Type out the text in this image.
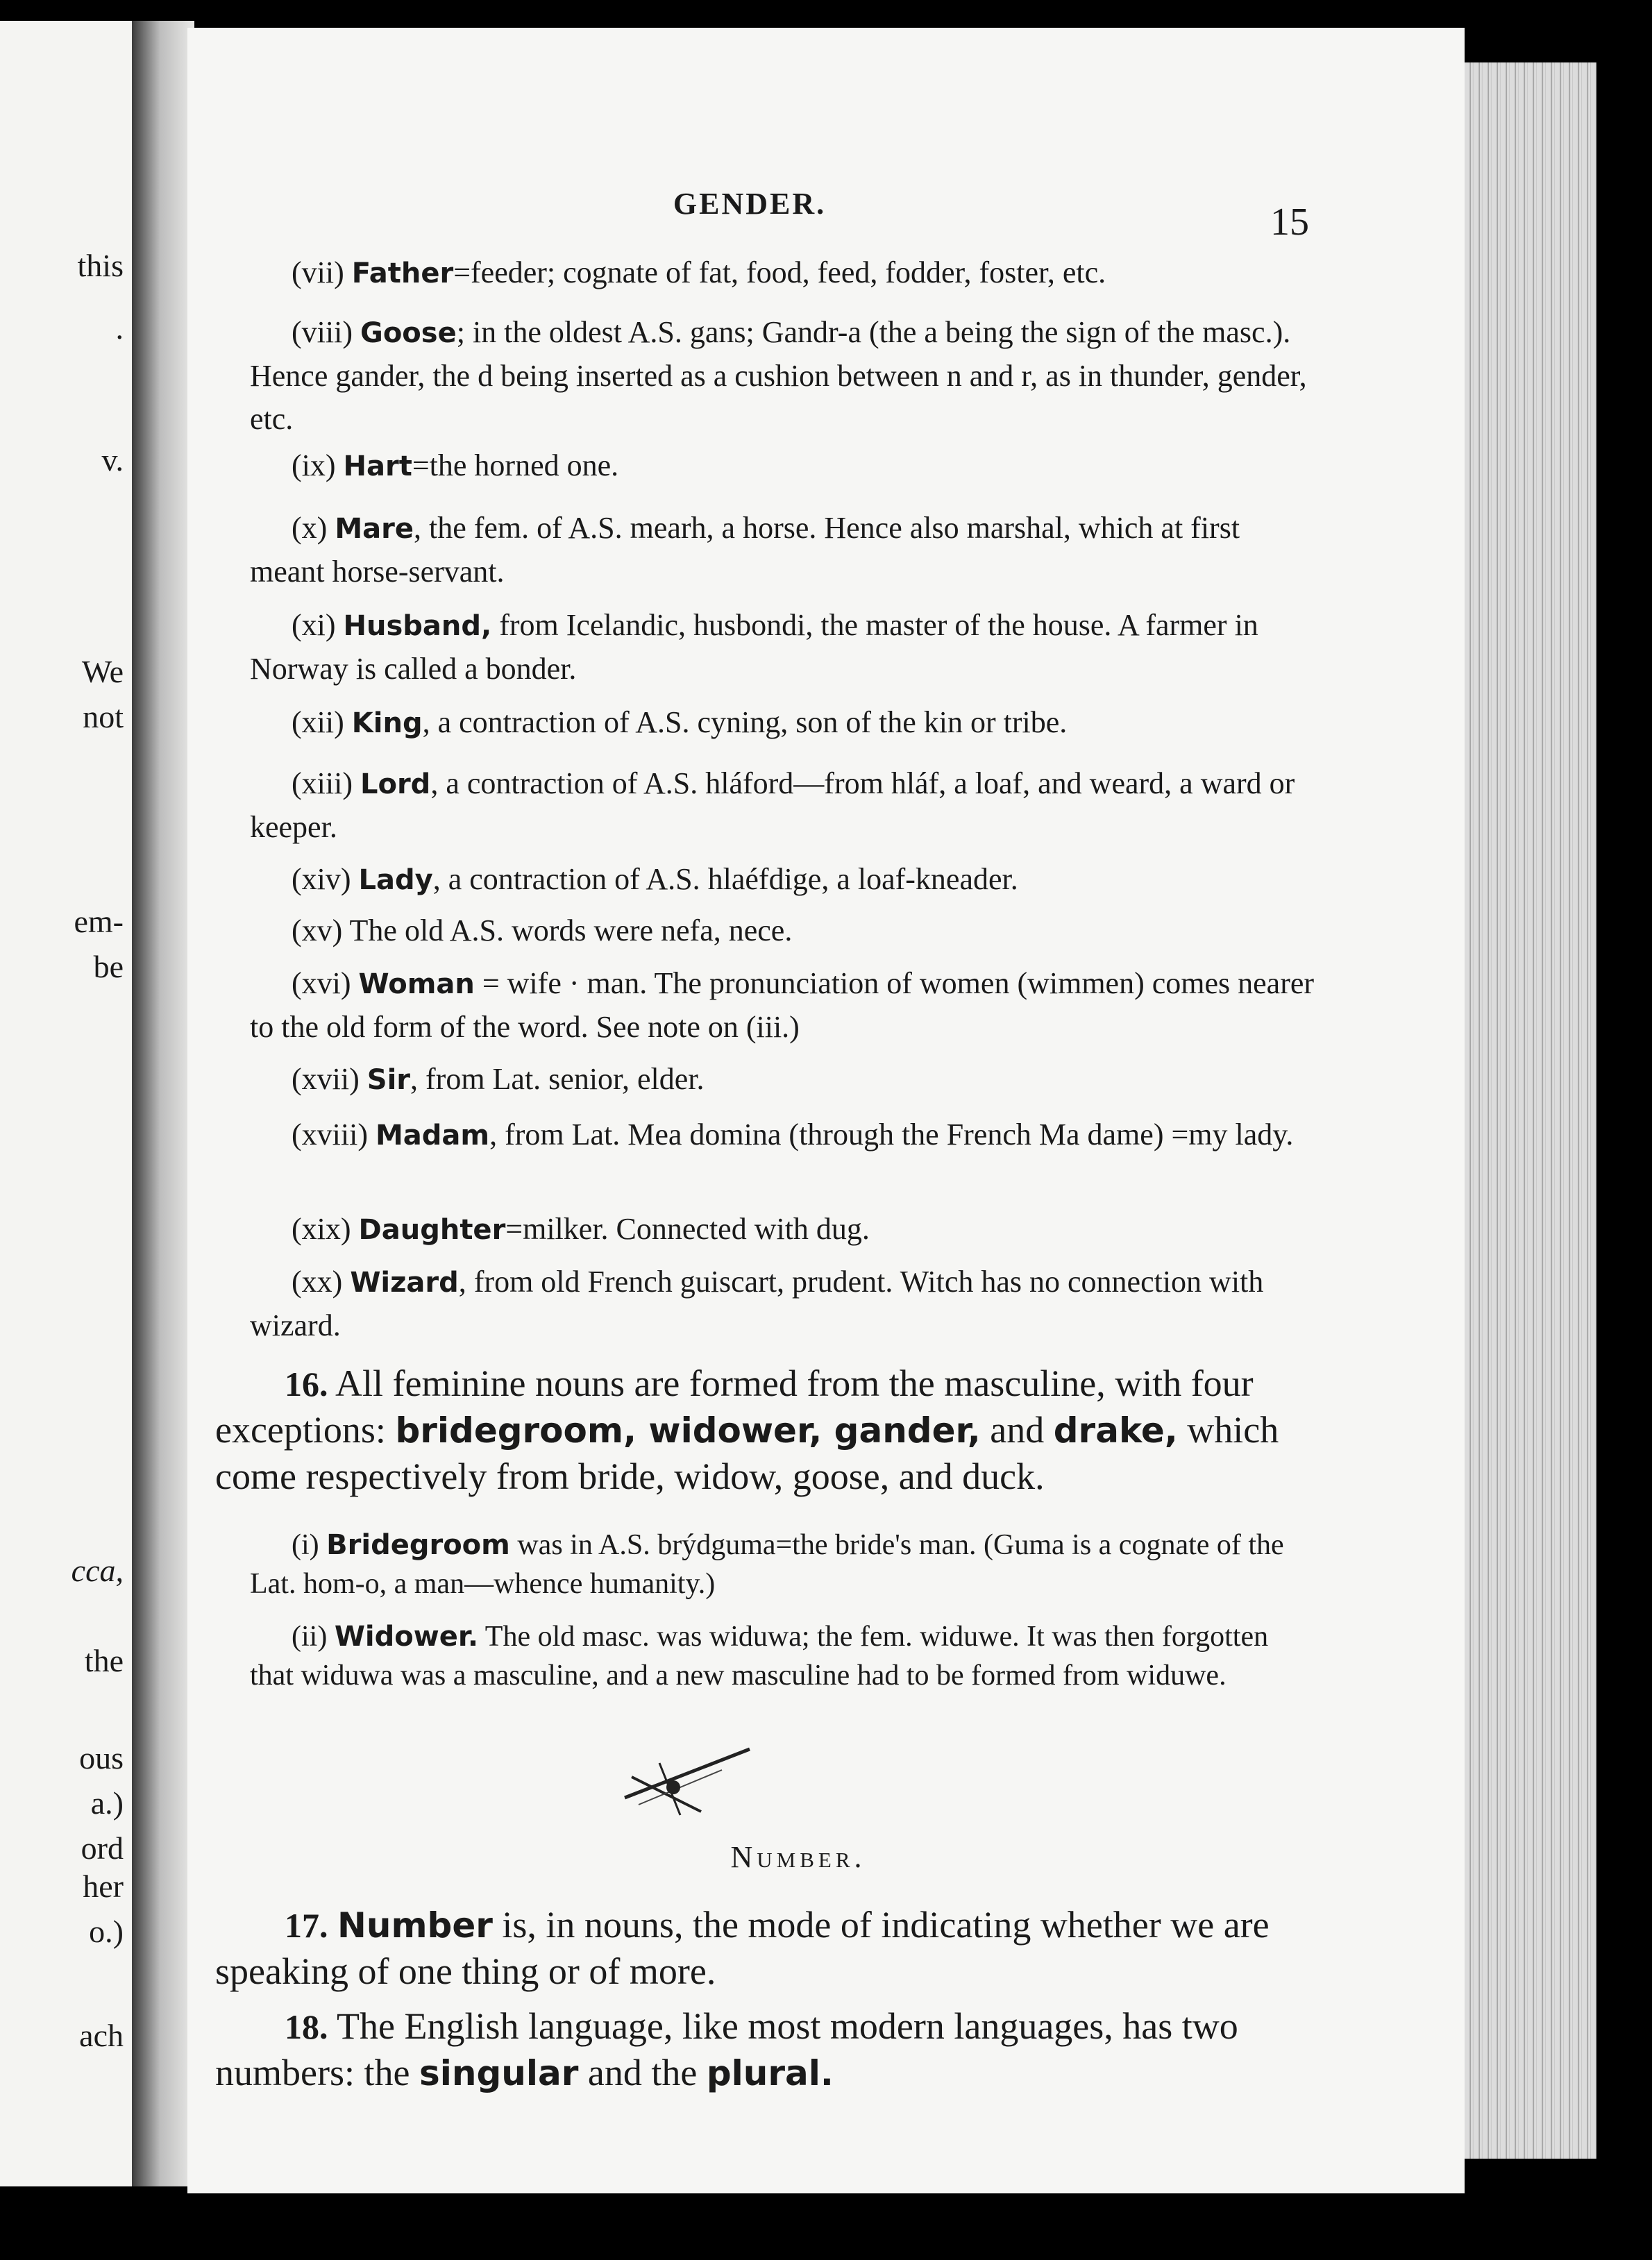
this
.
v.
We
not
em-
be
cca,
the
ous
a.)
ord
her
o.)
ach
GENDER.	15
(vii) Father=feeder; cognate of fat, food, feed, fodder, foster, etc.
(viii) Goose; in the oldest A.S. gans; Gandr-a (the a being the sign of the masc.). Hence gander, the d being inserted as a cushion between n and r, as in thunder, gender, etc.
(ix) Hart=the horned one.
(x) Mare, the fem. of A.S. mearh, a horse. Hence also marshal, which at first meant horse-servant.
(xi) Husband, from Icelandic, husbondi, the master of the house. A farmer in Norway is called a bonder.
(xii) King, a contraction of A.S. cyning, son of the kin or tribe.
(xiii) Lord, a contraction of A.S. hláford—from hláf, a loaf, and weard, a ward or keeper.
(xiv) Lady, a contraction of A.S. hlaéfdige, a loaf-kneader.
(xv) The old A.S. words were nefa, nece.
(xvi) Woman = wife · man. The pronunciation of women (wimmen) comes nearer to the old form of the word. See note on (iii.)
(xvii) Sir, from Lat. senior, elder.
(xviii) Madam, from Lat. Mea domina (through the French Ma dame) =my lady.
(xix) Daughter=milker. Connected with dug.
(xx) Wizard, from old French guiscart, prudent. Witch has no connection with wizard.
16. All feminine nouns are formed from the masculine, with four exceptions: bridegroom, widower, gander, and drake, which come respectively from bride, widow, goose, and duck.
(i) Bridegroom was in A.S. brýdguma=the bride's man. (Guma is a cognate of the Lat. hom-o, a man—whence humanity.)
(ii) Widower. The old masc. was widuwa; the fem. widuwe. It was then forgotten that widuwa was a masculine, and a new masculine had to be formed from widuwe.
Number.
17. Number is, in nouns, the mode of indicating whether we are speaking of one thing or of more.
18. The English language, like most modern languages, has two numbers: the singular and the plural.
